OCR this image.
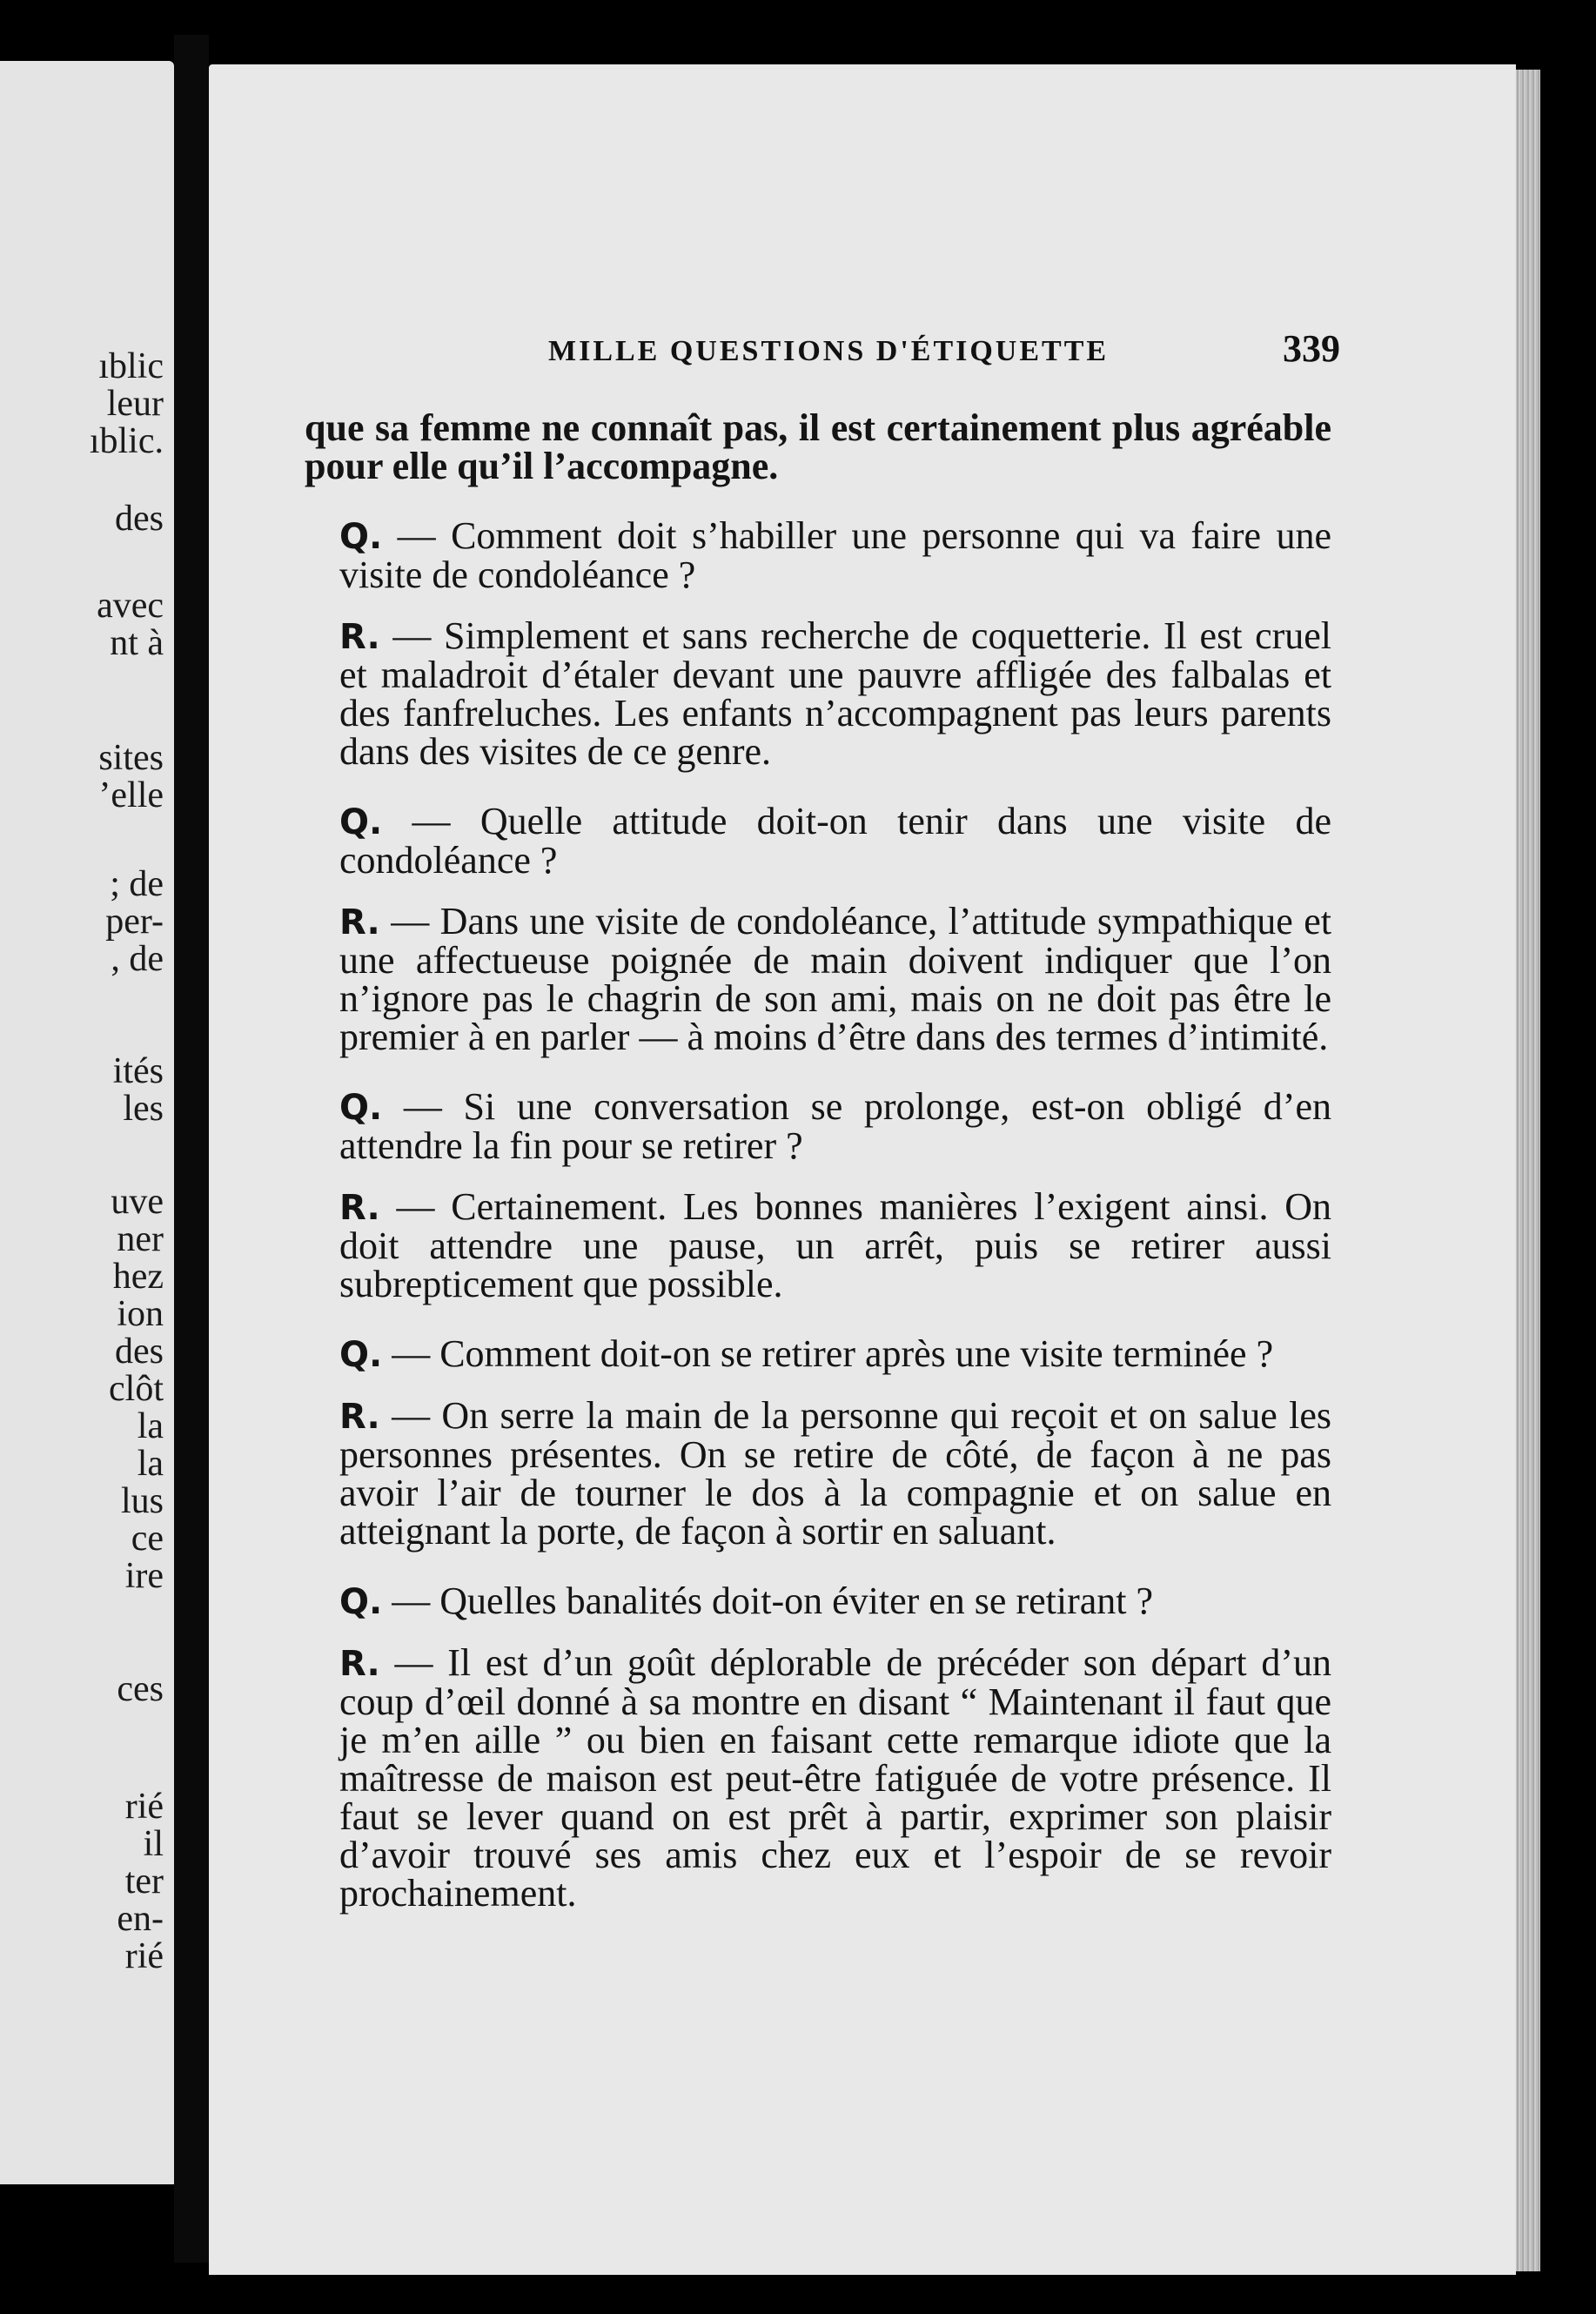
ıblic

leur

ıblic.

des

avec

nt à

sites

’elle

; de

per-

, de

ités

les

uve

ner

hez

ion

des

clôt

la

la

lus

ce

ire

ces

rié

il

ter

en-

rié

MILLE QUESTIONS D'ÉTIQUETTE	339

que sa femme ne connaît pas, il est certainement plus agréable pour elle qu’il l’accompagne.

Q. — Comment doit s’habiller une personne qui va faire une visite de condoléance ?

R. — Simplement et sans recherche de coquetterie. Il est cruel et maladroit d’étaler devant une pauvre affligée des falbalas et des fanfreluches. Les enfants n’accompagnent pas leurs parents dans des visites de ce genre.

Q. — Quelle attitude doit-on tenir dans une visite de condoléance ?

R. — Dans une visite de condoléance, l’attitude sympathique et une affectueuse poignée de main doivent indiquer que l’on n’ignore pas le chagrin de son ami, mais on ne doit pas être le premier à en parler — à moins d’être dans des termes d’intimité.

Q. — Si une conversation se prolonge, est-on obligé d’en attendre la fin pour se retirer ?

R. — Certainement. Les bonnes manières l’exigent ainsi. On doit attendre une pause, un arrêt, puis se retirer aussi subrepticement que possible.

Q. — Comment doit-on se retirer après une visite terminée ?

R. — On serre la main de la personne qui reçoit et on salue les personnes présentes. On se retire de côté, de façon à ne pas avoir l’air de tourner le dos à la compagnie et on salue en atteignant la porte, de façon à sortir en saluant.

Q. — Quelles banalités doit-on éviter en se retirant ?

R. — Il est d’un goût déplorable de précéder son départ d’un coup d’œil donné à sa montre en disant “ Maintenant il faut que je m’en aille ” ou bien en faisant cette remarque idiote que la maîtresse de maison est peut-être fatiguée de votre présence. Il faut se lever quand on est prêt à partir, exprimer son plaisir d’avoir trouvé ses amis chez eux et l’espoir de se revoir prochainement.
